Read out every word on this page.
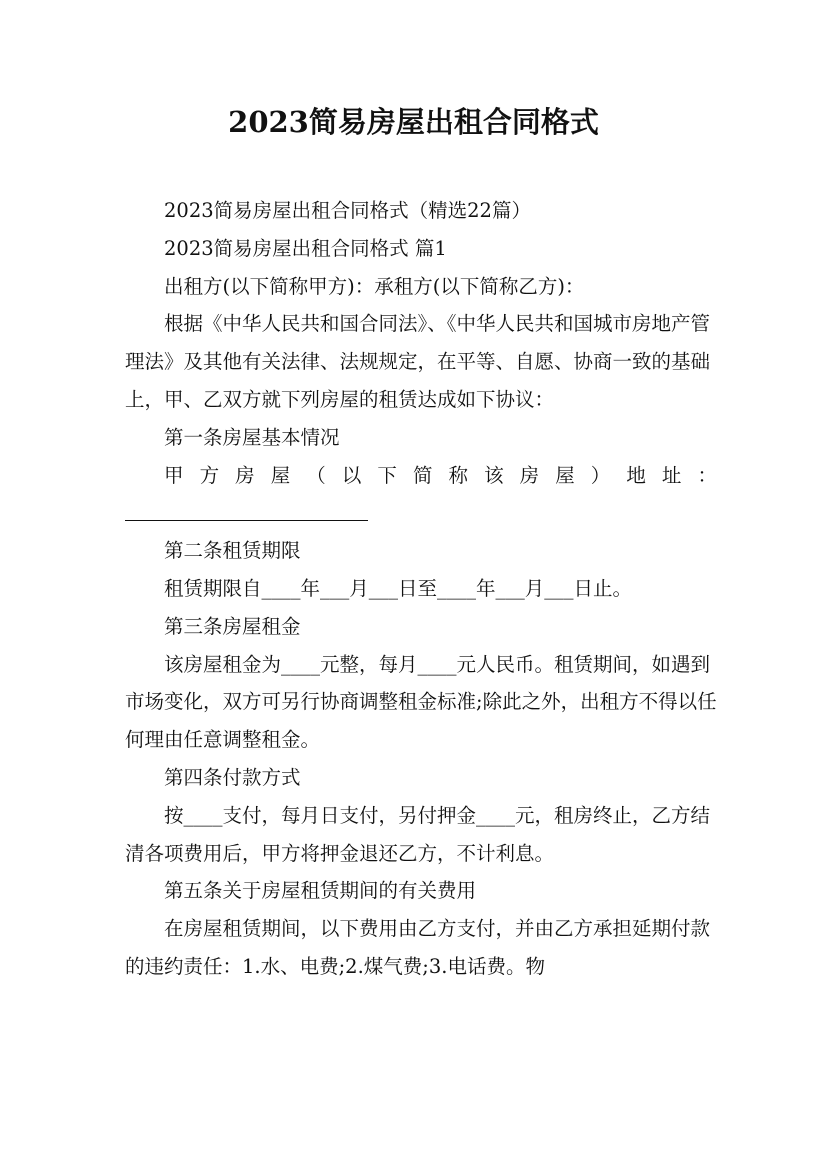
2023简易房屋出租合同格式

2023简易房屋出租合同格式（精选22篇）

2023简易房屋出租合同格式 篇1

出租方(以下简称甲方)：承租方(以下简称乙方)：

根据《中华人民共和国合同法》、《中华人民共和国城市房地产管理法》及其他有关法律、法规规定，在平等、自愿、协商一致的基础上，甲、乙双方就下列房屋的租赁达成如下协议：

第一条房屋基本情况

甲 方 房 屋 （ 以 下 简 称 该 房 屋 ） 地 址 ：

第二条租赁期限

租赁期限自____年___月___日至____年___月___日止。

第三条房屋租金

该房屋租金为____元整，每月____元人民币。租赁期间，如遇到市场变化，双方可另行协商调整租金标准;除此之外，出租方不得以任何理由任意调整租金。

第四条付款方式

按____支付，每月日支付，另付押金____元，租房终止，乙方结清各项费用后，甲方将押金退还乙方，不计利息。

第五条关于房屋租赁期间的有关费用

在房屋租赁期间，以下费用由乙方支付，并由乙方承担延期付款的违约责任：1.水、电费;2.煤气费;3.电话费。物
